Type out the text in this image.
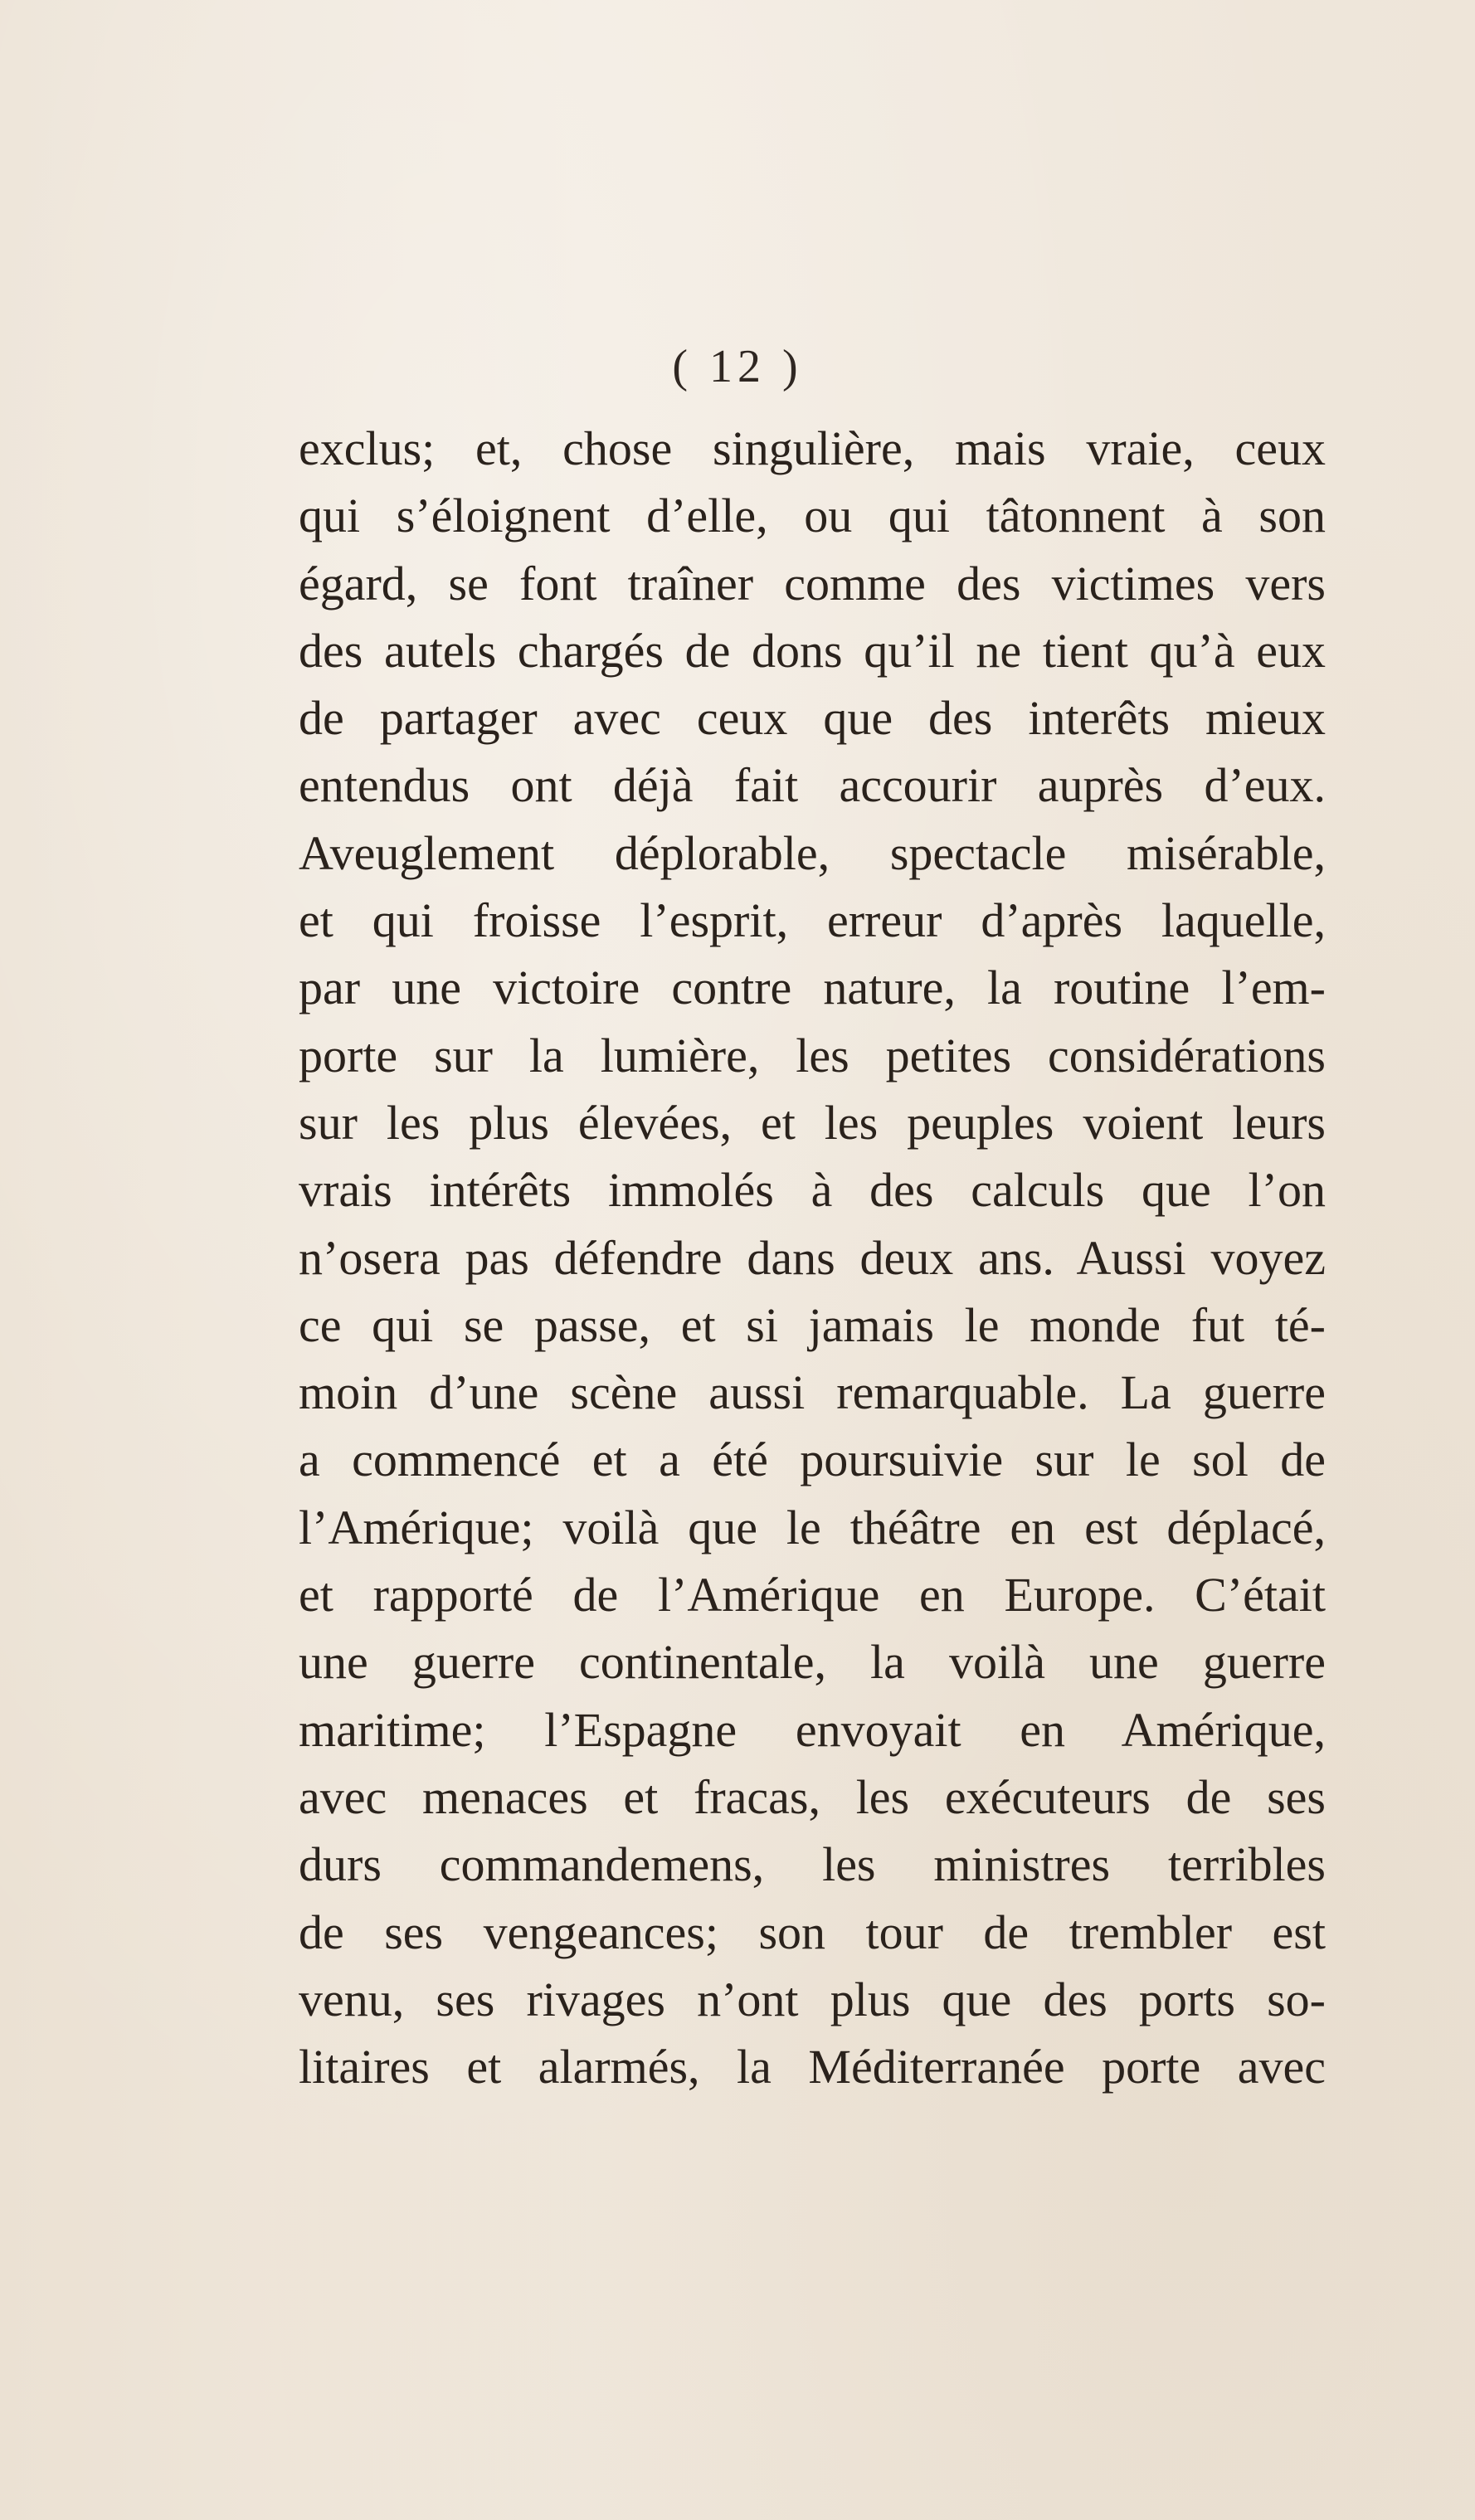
( 12 )
exclus; et, chose singulière, mais vraie, ceux
qui s’éloignent d’elle, ou qui tâtonnent à son
égard, se font traîner comme des victimes vers
des autels chargés de dons qu’il ne tient qu’à eux
de partager avec ceux que des interêts mieux
entendus ont déjà fait accourir auprès d’eux.
Aveuglement déplorable, spectacle misérable,
et qui froisse l’esprit, erreur d’après laquelle,
par une victoire contre nature, la routine l’em-
porte sur la lumière, les petites considérations
sur les plus élevées, et les peuples voient leurs
vrais intérêts immolés à des calculs que l’on
n’osera pas défendre dans deux ans. Aussi voyez
ce qui se passe, et si jamais le monde fut té-
moin d’une scène aussi remarquable. La guerre
a commencé et a été poursuivie sur le sol de
l’Amérique; voilà que le théâtre en est déplacé,
et rapporté de l’Amérique en Europe. C’était
une guerre continentale, la voilà une guerre
maritime; l’Espagne envoyait en Amérique,
avec menaces et fracas, les exécuteurs de ses
durs commandemens, les ministres terribles
de ses vengeances; son tour de trembler est
venu, ses rivages n’ont plus que des ports so-
litaires et alarmés, la Méditerranée porte avec
